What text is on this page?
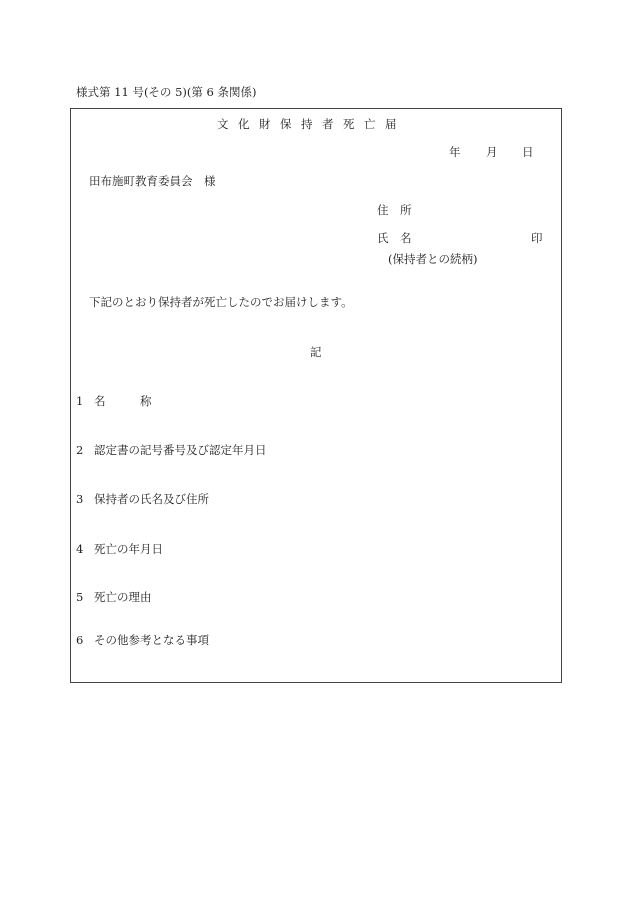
様式第 11 号(その 5)(第 6 条関係)
文化財保持者死亡届
年 月 日
田布施町教育委員会　様
住　所
氏　名	印
(保持者との続柄)
下記のとおり保持者が死亡したのでお届けします。
記
1 名　　　称
2 認定書の記号番号及び認定年月日
3 保持者の氏名及び住所
4 死亡の年月日
5 死亡の理由
6 その他参考となる事項
